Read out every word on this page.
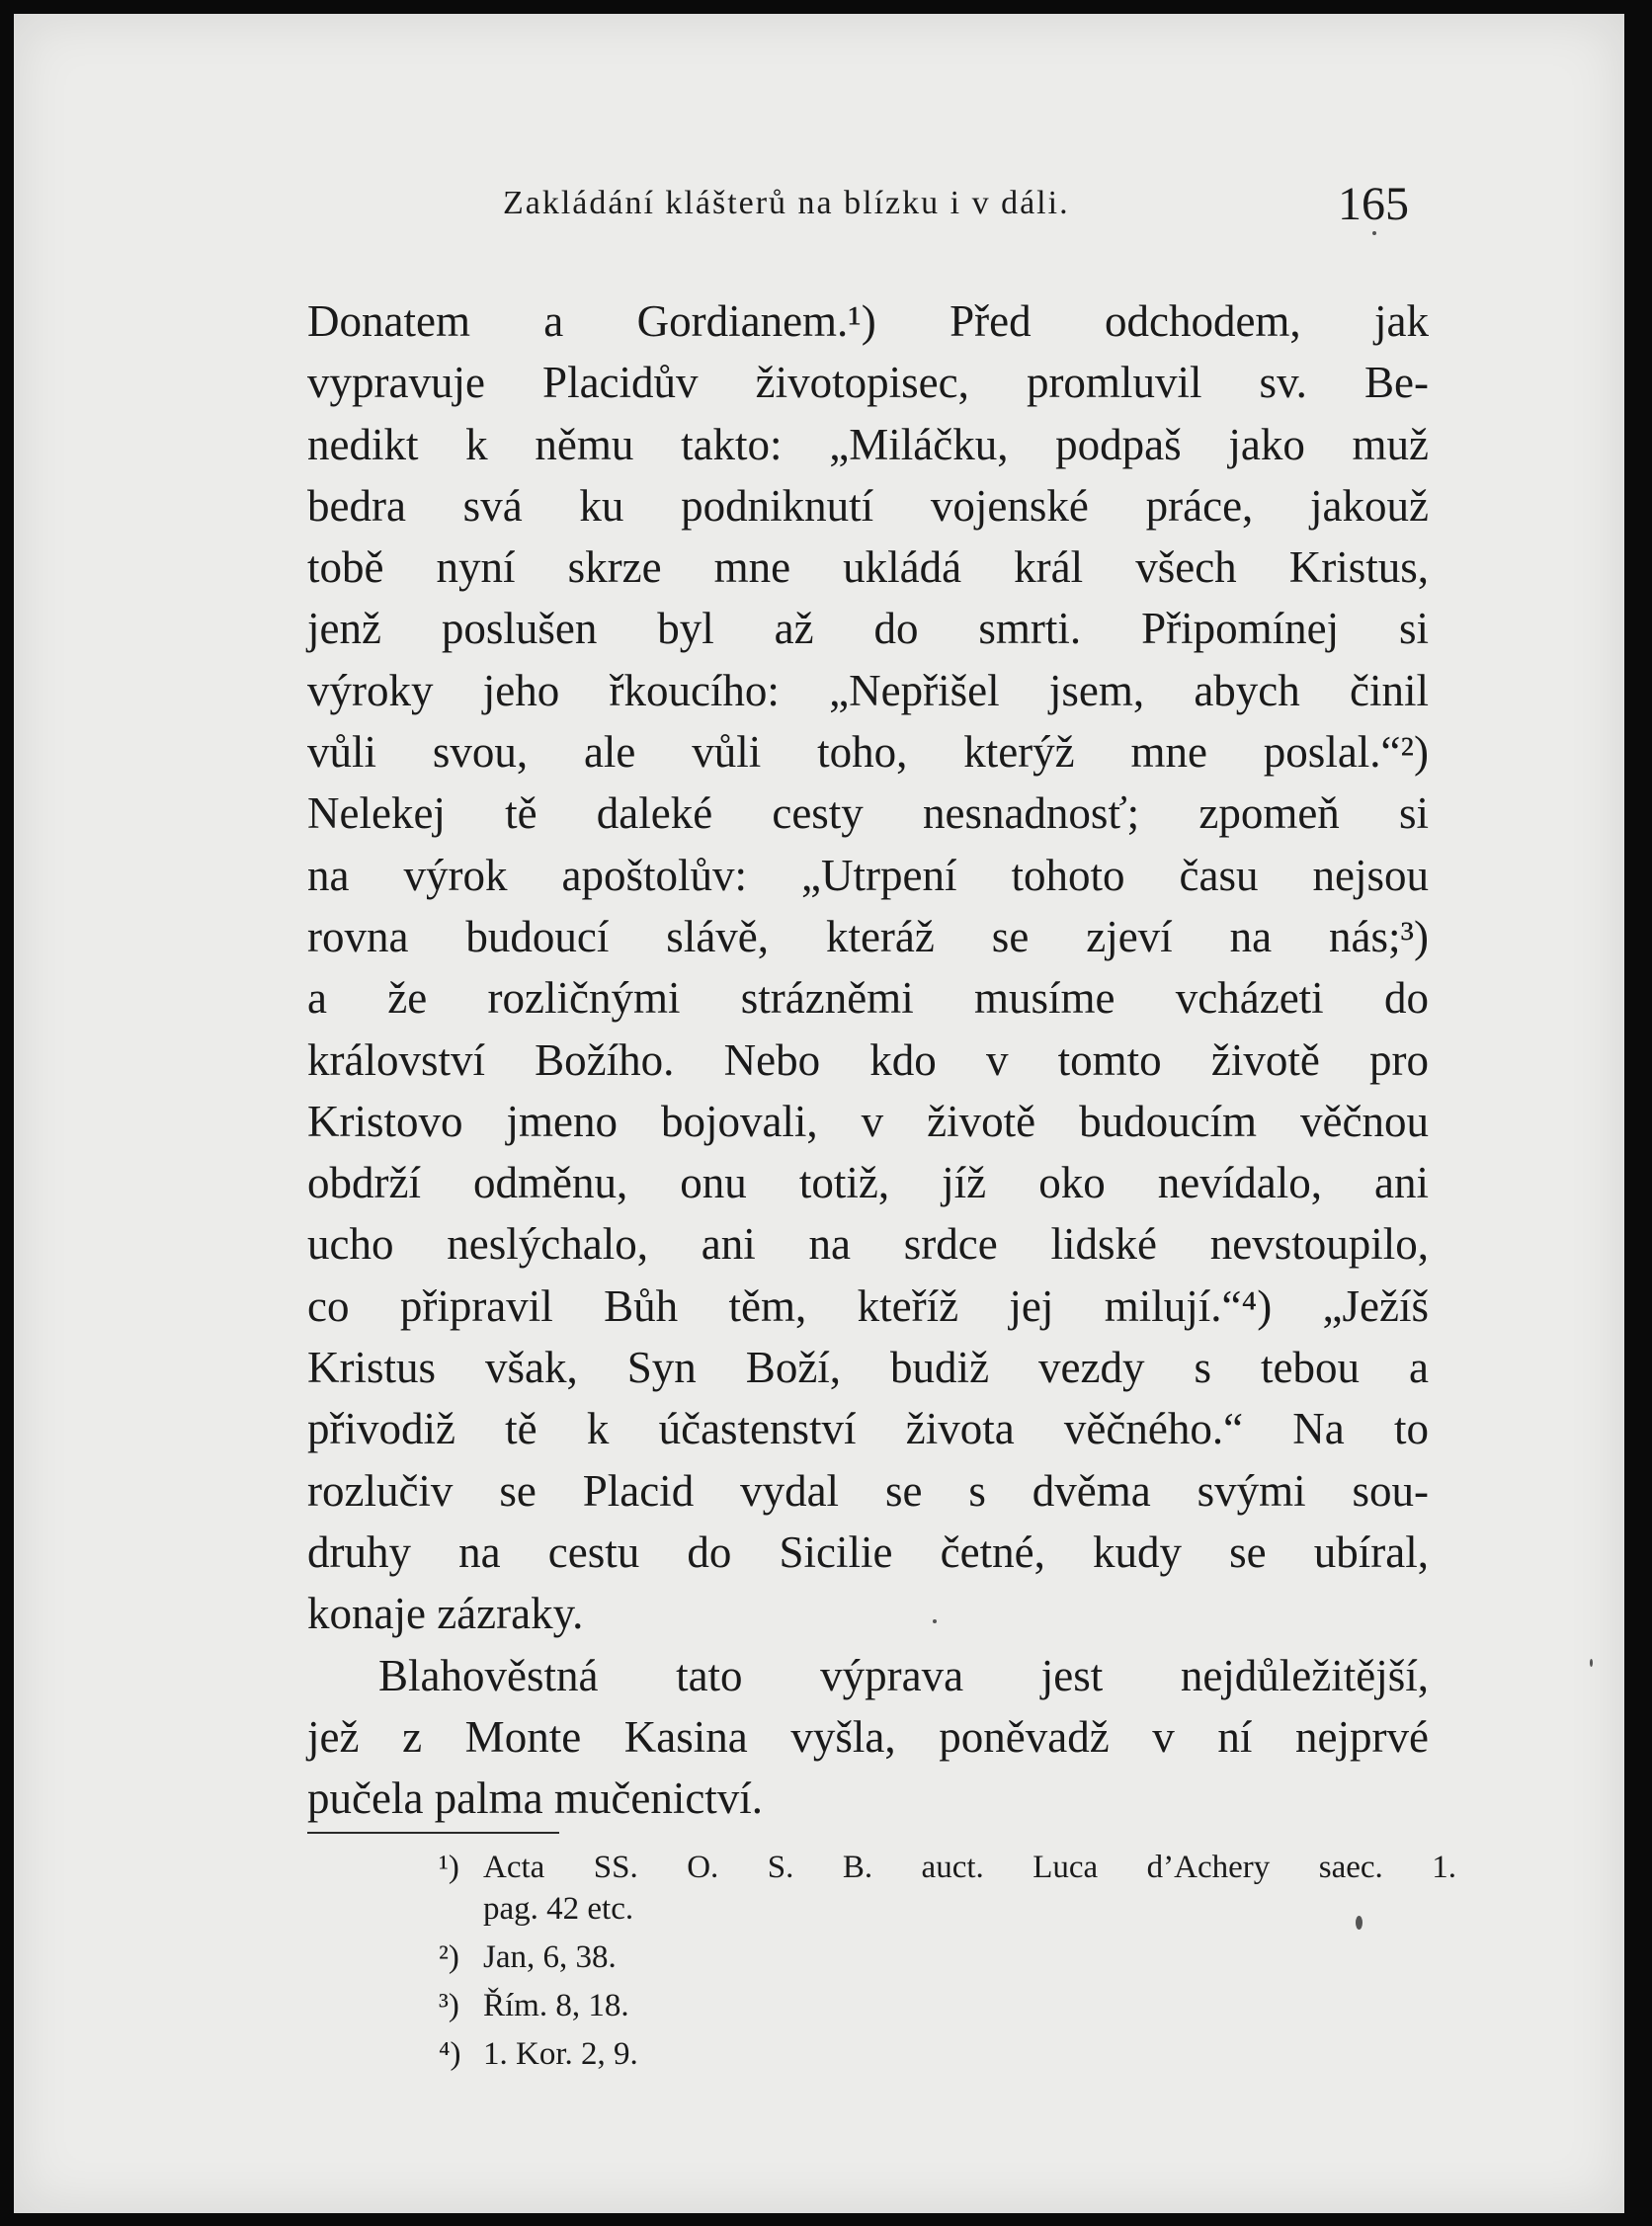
Zakládání klášterů na blízku i v dáli.	165
Donatem a Gordianem.¹) Před odchodem, jak
vypravuje Placidův životopisec, promluvil sv. Be-
nedikt k němu takto: „Miláčku, podpaš jako muž
bedra svá ku podniknutí vojenské práce, jakouž
tobě nyní skrze mne ukládá král všech Kristus,
jenž poslušen byl až do smrti. Připomínej si
výroky jeho řkoucího: „Nepřišel jsem, abych činil
vůli svou, ale vůli toho, kterýž mne poslal.“²)
Nelekej tě daleké cesty nesnadnosť; zpomeň si
na výrok apoštolův: „Utrpení tohoto času nejsou
rovna budoucí slávě, kteráž se zjeví na nás;³)
a že rozličnými strázněmi musíme vcházeti do
království Božího. Nebo kdo v tomto životě pro
Kristovo jmeno bojovali, v životě budoucím věčnou
obdrží odměnu, onu totiž, jíž oko nevídalo, ani
ucho neslýchalo, ani na srdce lidské nevstoupilo,
co připravil Bůh těm, kteříž jej milují.“⁴) „Ježíš
Kristus však, Syn Boží, budiž vezdy s tebou a
přivodiž tě k účastenství života věčného.“ Na to
rozlučiv se Placid vydal se s dvěma svými sou-
druhy na cestu do Sicilie četné, kudy se ubíral,
konaje zázraky.
Blahověstná tato výprava jest nejdůležitější,
jež z Monte Kasina vyšla, poněvadž v ní nejprvé
pučela palma mučenictví.
¹) Acta SS. O. S. B. auct. Luca d’Achery saec. 1.
pag. 42 etc.
²) Jan, 6, 38.
³) Řím. 8, 18.
⁴) 1. Kor. 2, 9.
